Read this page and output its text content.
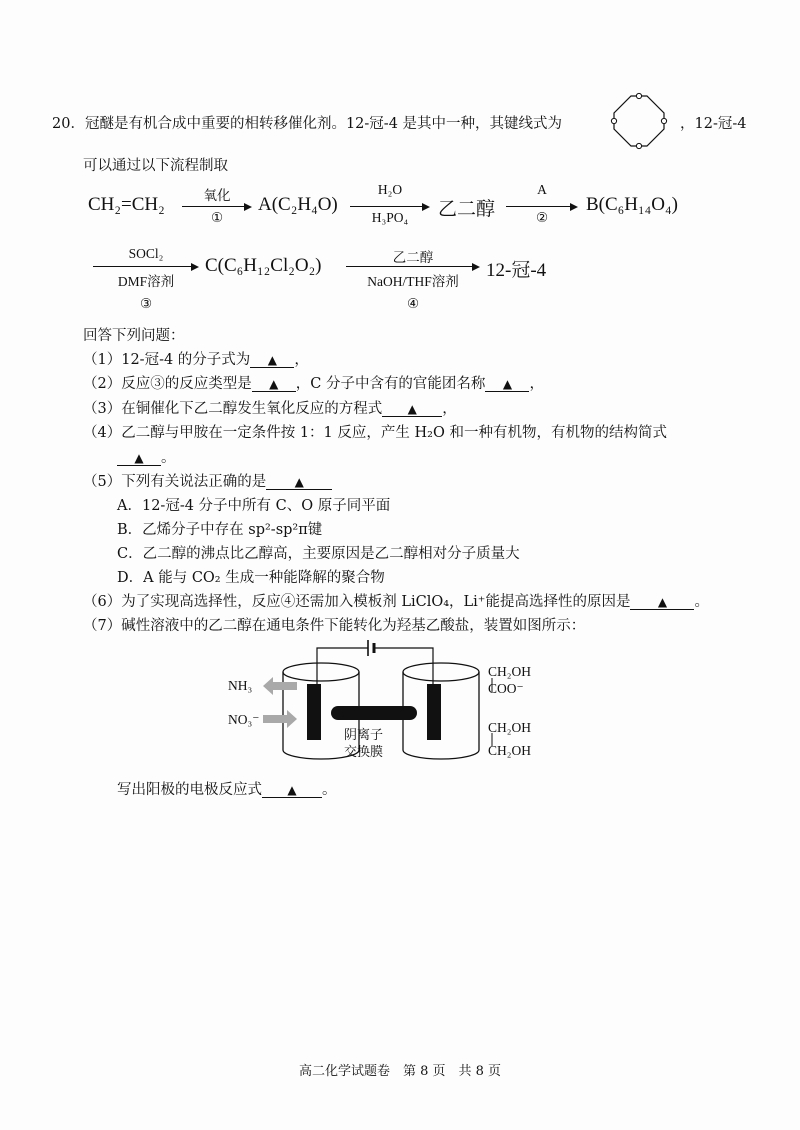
20．冠醚是有机合成中重要的相转移催化剂。12-冠-4 是其中一种，其键线式为	，12-冠-4
可以通过以下流程制取
CH₂=CH₂	氧化
①
A(C₂H₄O)
H₂O
H₃PO₄	乙二醇
A
②
B(C₆H₁₄O₄)
SOCl₂
DMF溶剂
③
C(C₆H₁₂Cl₂O₂)	乙二醇
NaOH/THF溶剂
④
12-冠-4
回答下列问题：
（1）12-冠-4 的分子式为 ▲ ，
（2）反应③的反应类型是 ▲ ，C 分子中含有的官能团名称 ▲ ，
（3）在铜催化下乙二醇发生氧化反应的方程式 ▲ ，
（4）乙二醇与甲胺在一定条件按 1：1 反应，产生 H₂O 和一种有机物，有机物的结构简式
▲ 。
（5）下列有关说法正确的是 ▲
A．12-冠-4 分子中所有 C、O 原子同平面
B．乙烯分子中存在 sp²-sp²π键
C．乙二醇的沸点比乙醇高，主要原因是乙二醇相对分子质量大
D．A 能与 CO₂ 生成一种能降解的聚合物
（6）为了实现高选择性，反应④还需加入模板剂 LiClO₄，Li⁺能提高选择性的原因是 ▲ 。
（7）碱性溶液中的乙二醇在通电条件下能转化为羟基乙酸盐，装置如图所示：
NH₃
NO₃⁻
阴离子
交换膜
CH₂OH
COO⁻
CH₂OH
CH₂OH
写出阳极的电极反应式 ▲ 。
高二化学试题卷　第 8 页　共 8 页
